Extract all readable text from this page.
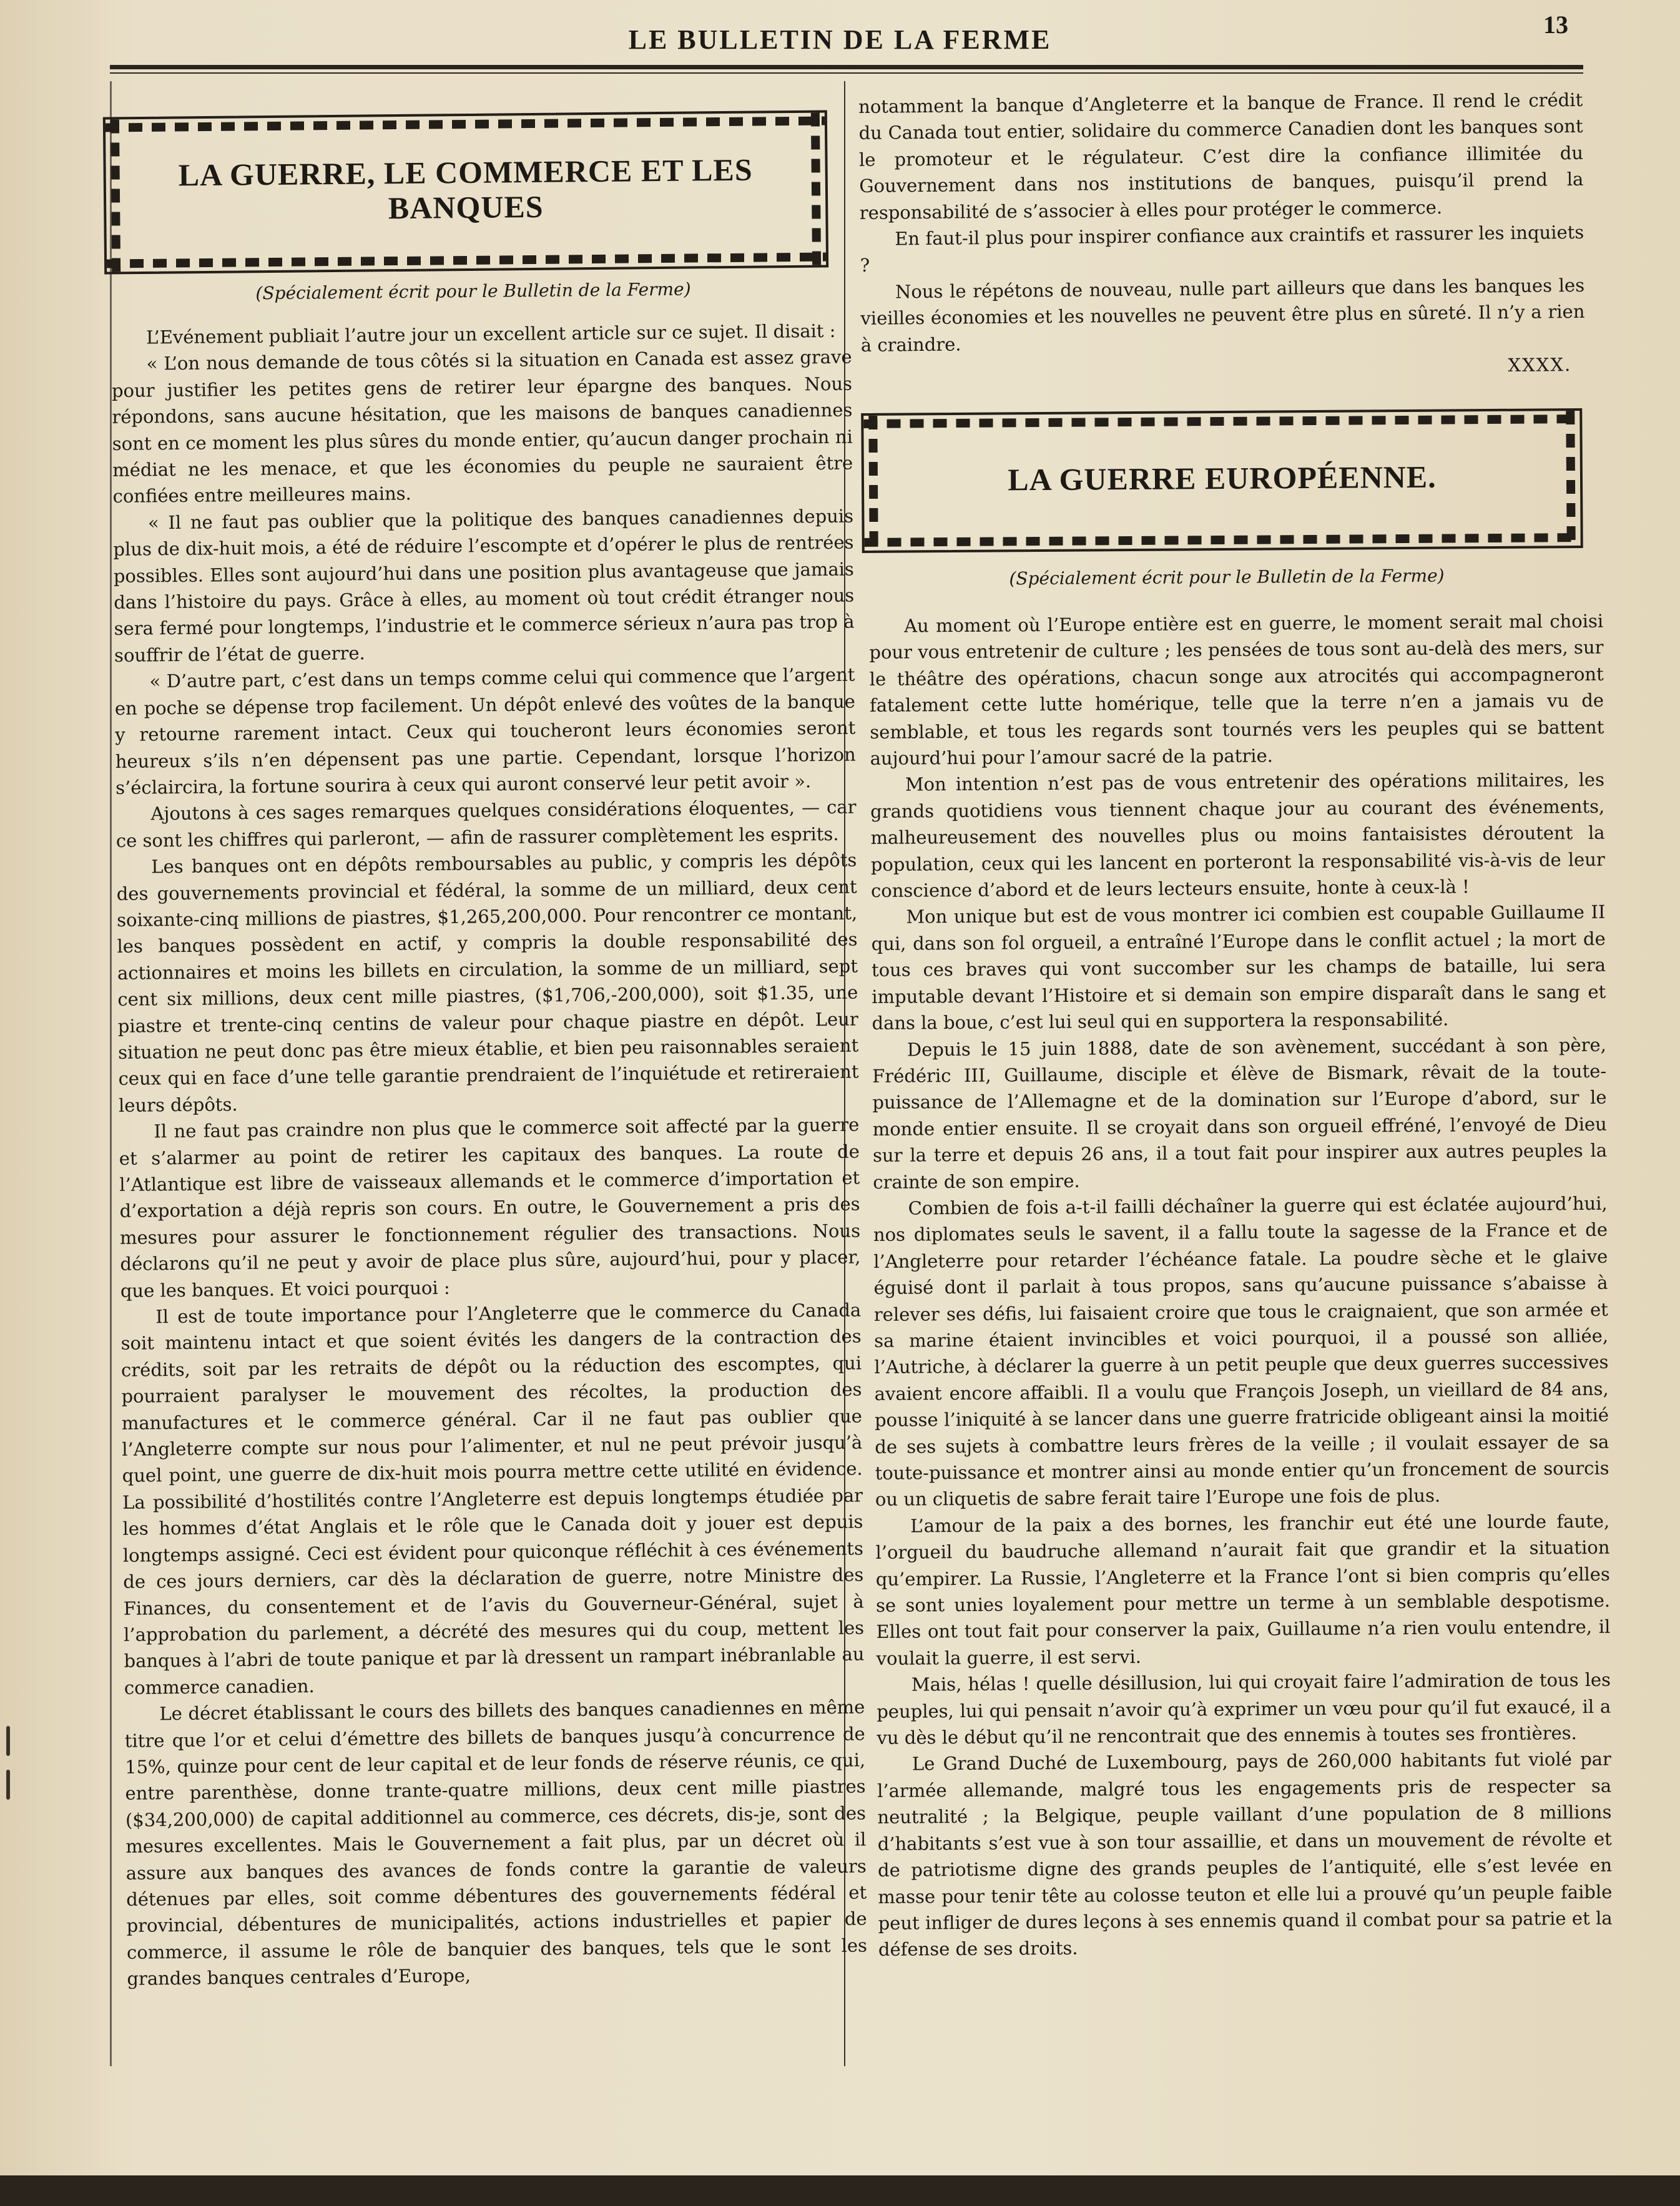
LE BULLETIN DE LA FERME	13
LA GUERRE, LE COMMERCE ET LES BANQUES
(Spécialement écrit pour le Bulletin de la Ferme)

L’Evénement publiait l’autre jour un excellent article sur ce sujet. Il disait :

« L’on nous demande de tous côtés si la situation en Canada est assez grave pour justifier les petites gens de retirer leur épargne des banques. Nous répondons, sans aucune hésitation, que les maisons de banques canadiennes sont en ce moment les plus sûres du monde entier, qu’aucun danger prochain ni médiat ne les menace, et que les économies du peuple ne sauraient être confiées entre meilleures mains.

« Il ne faut pas oublier que la politique des banques canadiennes depuis plus de dix-huit mois, a été de réduire l’escompte et d’opérer le plus de rentrées possibles. Elles sont aujourd’hui dans une position plus avantageuse que jamais dans l’histoire du pays. Grâce à elles, au moment où tout crédit étranger nous sera fermé pour longtemps, l’industrie et le commerce sérieux n’aura pas trop à souffrir de l’état de guerre.

« D’autre part, c’est dans un temps comme celui qui commence que l’argent en poche se dépense trop facilement. Un dépôt enlevé des voûtes de la banque y retourne rarement intact. Ceux qui toucheront leurs économies seront heureux s’ils n’en dépensent pas une partie. Cependant, lorsque l’horizon s’éclaircira, la fortune sourira à ceux qui auront conservé leur petit avoir ».

Ajoutons à ces sages remarques quelques considérations éloquentes, — car ce sont les chiffres qui parleront, — afin de rassurer complètement les esprits.

Les banques ont en dépôts remboursables au public, y compris les dépôts des gouvernements provincial et fédéral, la somme de un milliard, deux cent soixante-cinq millions de piastres, $1,265,200,000. Pour rencontrer ce montant, les banques possèdent en actif, y compris la double responsabilité des actionnaires et moins les billets en circulation, la somme de un milliard, sept cent six millions, deux cent mille piastres, ($1,706,-200,000), soit $1.35, une piastre et trente-cinq centins de valeur pour chaque piastre en dépôt. Leur situation ne peut donc pas être mieux établie, et bien peu raisonnables seraient ceux qui en face d’une telle garantie prendraient de l’inquiétude et retireraient leurs dépôts.

Il ne faut pas craindre non plus que le commerce soit affecté par la guerre et s’alarmer au point de retirer les capitaux des banques. La route de l’Atlantique est libre de vaisseaux allemands et le commerce d’importation et d’exportation a déjà repris son cours. En outre, le Gouvernement a pris des mesures pour assurer le fonctionnement régulier des transactions. Nous déclarons qu’il ne peut y avoir de place plus sûre, aujourd’hui, pour y placer, que les banques. Et voici pourquoi :

Il est de toute importance pour l’Angleterre que le commerce du Canada soit maintenu intact et que soient évités les dangers de la contraction des crédits, soit par les retraits de dépôt ou la réduction des escomptes, qui pourraient paralyser le mouvement des récoltes, la production des manufactures et le commerce général. Car il ne faut pas oublier que l’Angleterre compte sur nous pour l’alimenter, et nul ne peut prévoir jusqu’à quel point, une guerre de dix-huit mois pourra mettre cette utilité en évidence. La possibilité d’hostilités contre l’Angleterre est depuis longtemps étudiée par les hommes d’état Anglais et le rôle que le Canada doit y jouer est depuis longtemps assigné. Ceci est évident pour quiconque réfléchit à ces événements de ces jours derniers, car dès la déclaration de guerre, notre Ministre des Finances, du consentement et de l’avis du Gouverneur-Général, sujet à l’approbation du parlement, a décrété des mesures qui du coup, mettent les banques à l’abri de toute panique et par là dressent un rampart inébranlable au commerce canadien.

Le décret établissant le cours des billets des banques canadiennes en même titre que l’or et celui d’émettre des billets de banques jusqu’à concurrence de 15%, quinze pour cent de leur capital et de leur fonds de réserve réunis, ce qui, entre parenthèse, donne trante-quatre millions, deux cent mille piastres ($34,200,000) de capital additionnel au commerce, ces décrets, dis-je, sont des mesures excellentes. Mais le Gouvernement a fait plus, par un décret où il assure aux banques des avances de fonds contre la garantie de valeurs détenues par elles, soit comme débentures des gouvernements fédéral et provincial, débentures de municipalités, actions industrielles et papier de commerce, il assume le rôle de banquier des banques, tels que le sont les grandes banques centrales d’Europe,

notamment la banque d’Angleterre et la banque de France. Il rend le crédit du Canada tout entier, solidaire du commerce Canadien dont les banques sont le promoteur et le régulateur. C’est dire la confiance illimitée du Gouvernement dans nos institutions de banques, puisqu’il prend la responsabilité de s’associer à elles pour protéger le commerce.

En faut-il plus pour inspirer confiance aux craintifs et rassurer les inquiets ?

Nous le répétons de nouveau, nulle part ailleurs que dans les banques les vieilles économies et les nouvelles ne peuvent être plus en sûreté. Il n’y a rien à craindre.

XXXX.
LA GUERRE EUROPÉENNE.
(Spécialement écrit pour le Bulletin de la Ferme)

Au moment où l’Europe entière est en guerre, le moment serait mal choisi pour vous entretenir de culture ; les pensées de tous sont au-delà des mers, sur le théâtre des opérations, chacun songe aux atrocités qui accompagneront fatalement cette lutte homérique, telle que la terre n’en a jamais vu de semblable, et tous les regards sont tournés vers les peuples qui se battent aujourd’hui pour l’amour sacré de la patrie.

Mon intention n’est pas de vous entretenir des opérations militaires, les grands quotidiens vous tiennent chaque jour au courant des événements, malheureusement des nouvelles plus ou moins fantaisistes déroutent la population, ceux qui les lancent en porteront la responsabilité vis-à-vis de leur conscience d’abord et de leurs lecteurs ensuite, honte à ceux-là !

Mon unique but est de vous montrer ici combien est coupable Guillaume II qui, dans son fol orgueil, a entraîné l’Europe dans le conflit actuel ; la mort de tous ces braves qui vont succomber sur les champs de bataille, lui sera imputable devant l’Histoire et si demain son empire disparaît dans le sang et dans la boue, c’est lui seul qui en supportera la responsabilité.

Depuis le 15 juin 1888, date de son avènement, succédant à son père, Frédéric III, Guillaume, disciple et élève de Bismark, rêvait de la toute-puissance de l’Allemagne et de la domination sur l’Europe d’abord, sur le monde entier ensuite. Il se croyait dans son orgueil effréné, l’envoyé de Dieu sur la terre et depuis 26 ans, il a tout fait pour inspirer aux autres peuples la crainte de son empire.

Combien de fois a-t-il failli déchaîner la guerre qui est éclatée aujourd’hui, nos diplomates seuls le savent, il a fallu toute la sagesse de la France et de l’Angleterre pour retarder l’échéance fatale. La poudre sèche et le glaive éguisé dont il parlait à tous propos, sans qu’aucune puissance s’abaisse à relever ses défis, lui faisaient croire que tous le craignaient, que son armée et sa marine étaient invincibles et voici pourquoi, il a poussé son alliée, l’Autriche, à déclarer la guerre à un petit peuple que deux guerres successives avaient encore affaibli. Il a voulu que François Joseph, un vieillard de 84 ans, pousse l’iniquité à se lancer dans une guerre fratricide obligeant ainsi la moitié de ses sujets à combattre leurs frères de la veille ; il voulait essayer de sa toute-puissance et montrer ainsi au monde entier qu’un froncement de sourcis ou un cliquetis de sabre ferait taire l’Europe une fois de plus.

L’amour de la paix a des bornes, les franchir eut été une lourde faute, l’orgueil du baudruche allemand n’aurait fait que grandir et la situation qu’empirer. La Russie, l’Angleterre et la France l’ont si bien compris qu’elles se sont unies loyalement pour mettre un terme à un semblable despotisme. Elles ont tout fait pour conserver la paix, Guillaume n’a rien voulu entendre, il voulait la guerre, il est servi.

Mais, hélas ! quelle désillusion, lui qui croyait faire l’admiration de tous les peuples, lui qui pensait n’avoir qu’à exprimer un vœu pour qu’il fut exaucé, il a vu dès le début qu’il ne rencontrait que des ennemis à toutes ses frontières.

Le Grand Duché de Luxembourg, pays de 260,000 habitants fut violé par l’armée allemande, malgré tous les engagements pris de respecter sa neutralité ; la Belgique, peuple vaillant d’une population de 8 millions d’habitants s’est vue à son tour assaillie, et dans un mouvement de révolte et de patriotisme digne des grands peuples de l’antiquité, elle s’est levée en masse pour tenir tête au colosse teuton et elle lui a prouvé qu’un peuple faible peut infliger de dures leçons à ses ennemis quand il combat pour sa patrie et la défense de ses droits.
